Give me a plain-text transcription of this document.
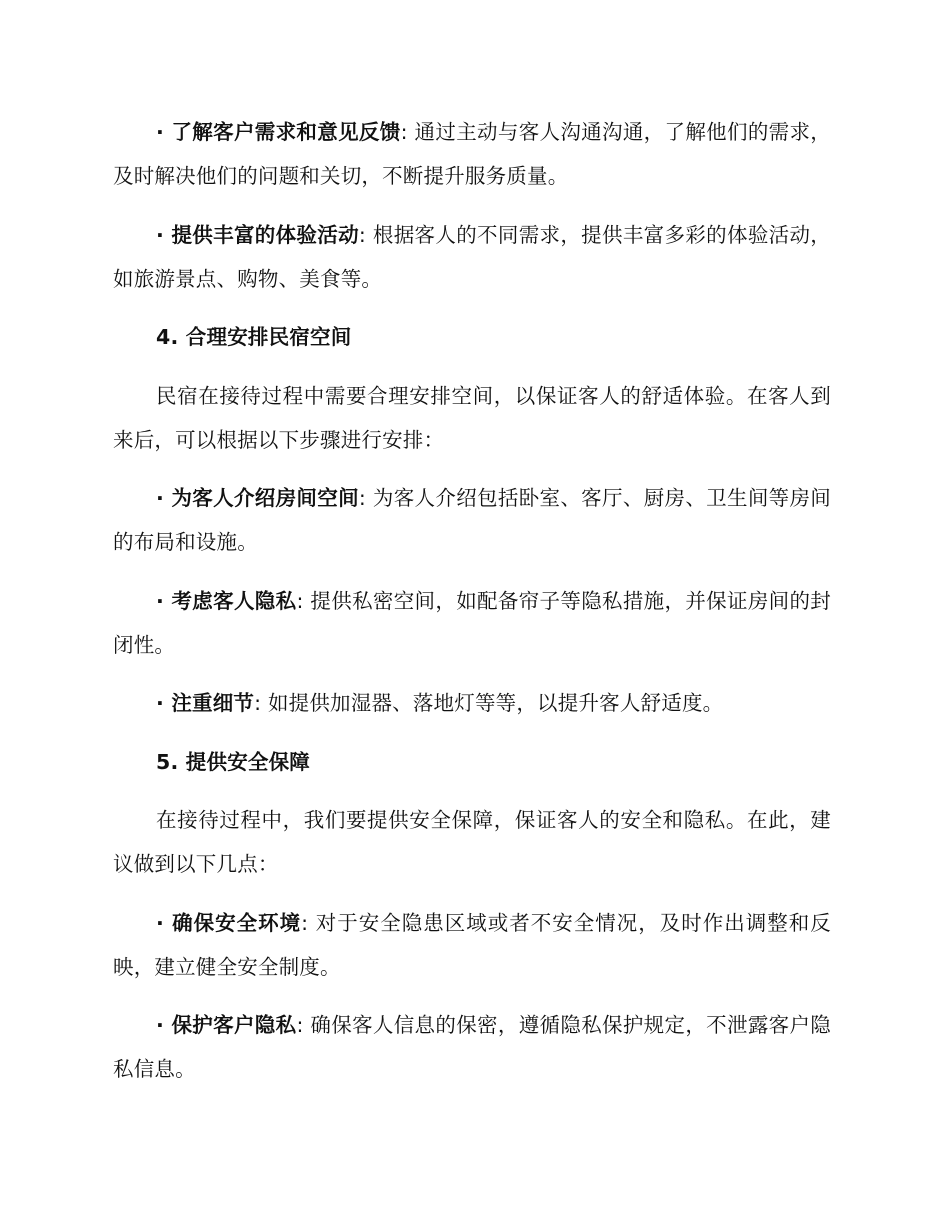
· 了解客户需求和意见反馈: 通过主动与客人沟通沟通，了解他们的需求，及时解决他们的问题和关切，不断提升服务质量。

· 提供丰富的体验活动: 根据客人的不同需求，提供丰富多彩的体验活动，如旅游景点、购物、美食等。

4. 合理安排民宿空间

民宿在接待过程中需要合理安排空间，以保证客人的舒适体验。在客人到来后，可以根据以下步骤进行安排：

· 为客人介绍房间空间: 为客人介绍包括卧室、客厅、厨房、卫生间等房间的布局和设施。

· 考虑客人隐私: 提供私密空间，如配备帘子等隐私措施，并保证房间的封闭性。

· 注重细节: 如提供加湿器、落地灯等等，以提升客人舒适度。

5. 提供安全保障

在接待过程中，我们要提供安全保障，保证客人的安全和隐私。在此，建议做到以下几点：

· 确保安全环境: 对于安全隐患区域或者不安全情况，及时作出调整和反映，建立健全安全制度。

· 保护客户隐私: 确保客人信息的保密，遵循隐私保护规定，不泄露客户隐私信息。
